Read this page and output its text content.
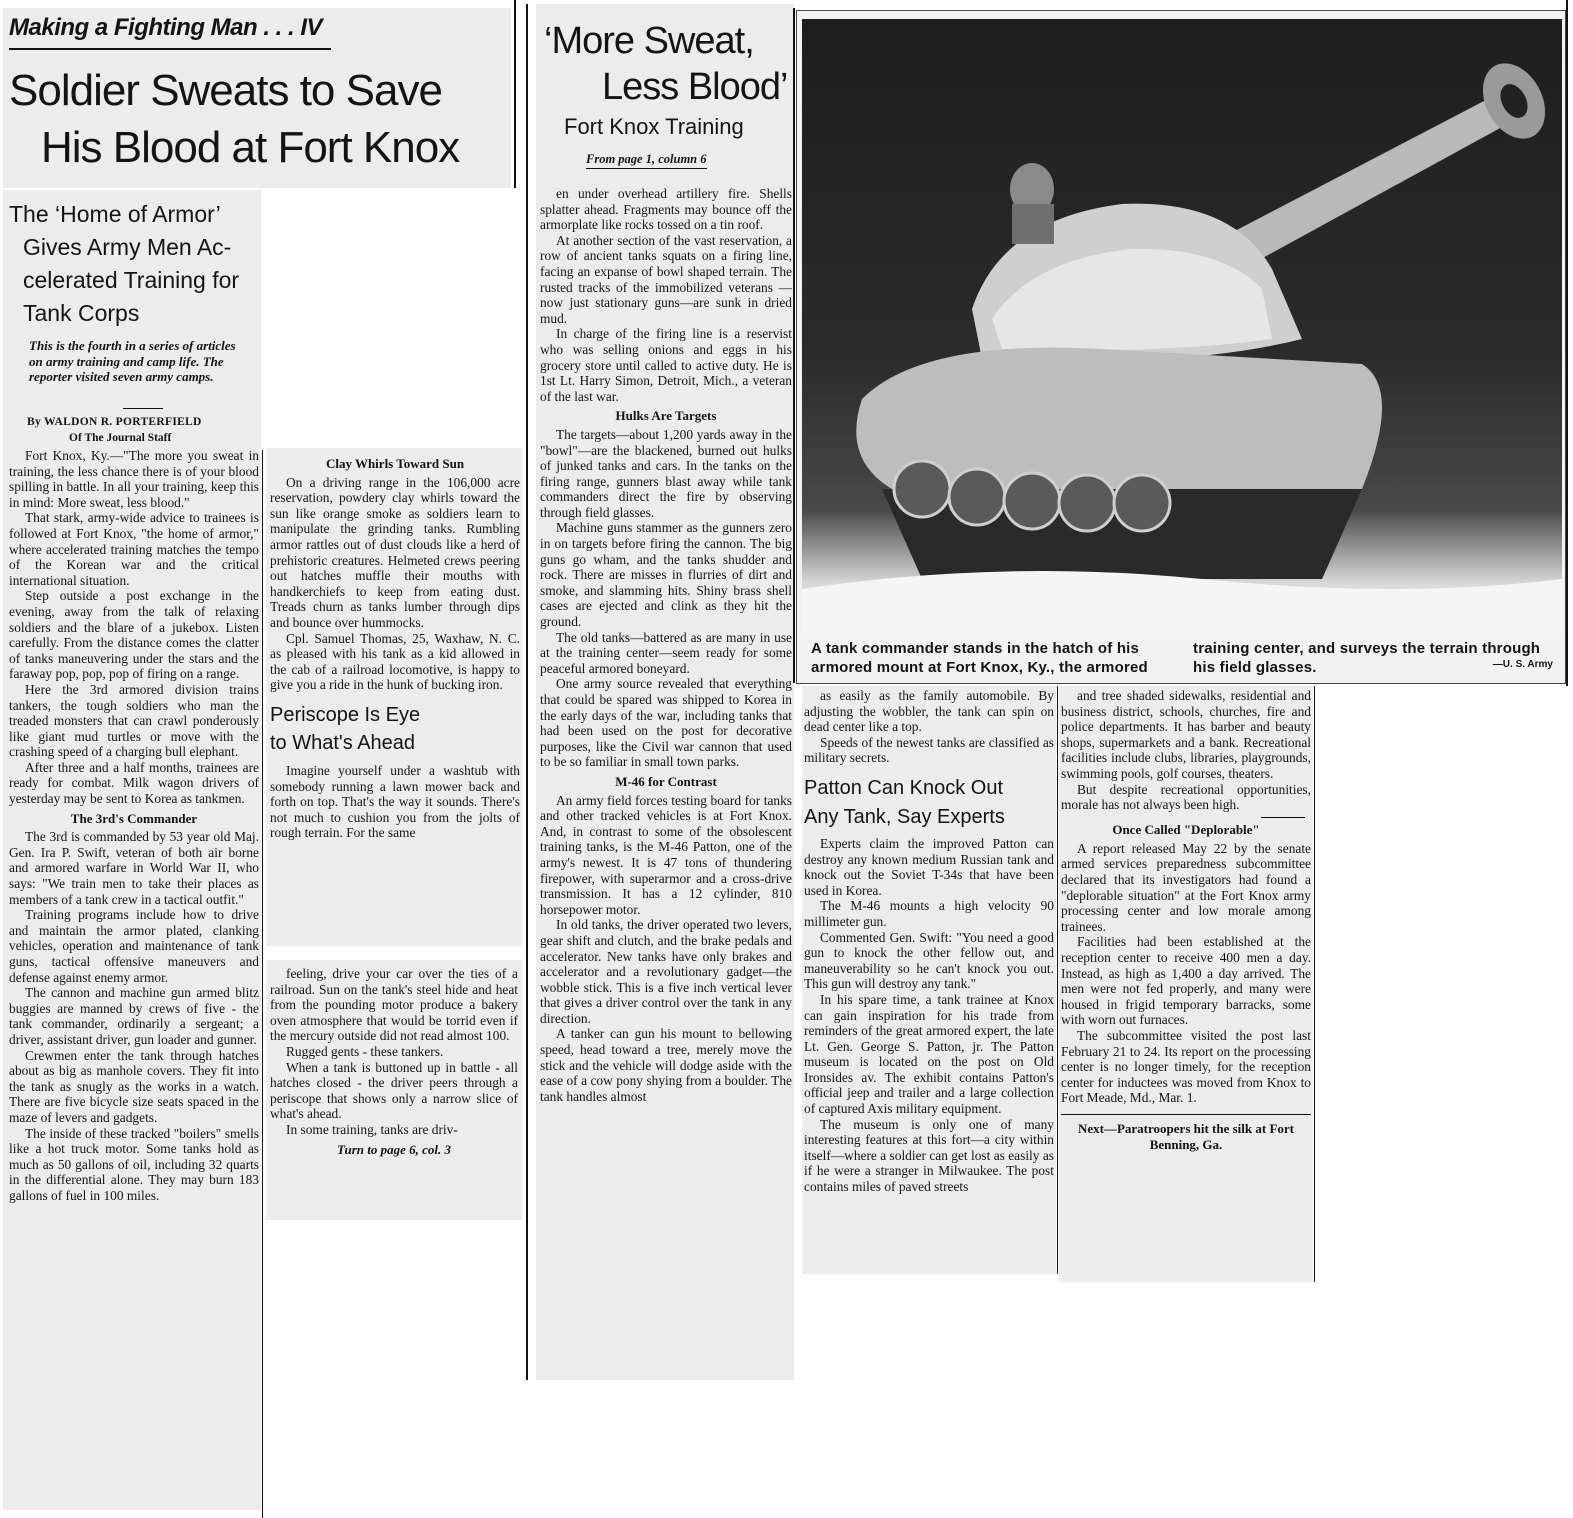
Making a Fighting Man . . . IV
Soldier Sweats to Save
His Blood at Fort Knox
The ‘Home of Armor’
Gives Army Men Ac-
celerated Training for
Tank Corps
This is the fourth in a series of articles on army training and camp life. The reporter visited seven army camps.
By WALDON R. PORTERFIELD
Of The Journal Staff

Fort Knox, Ky.—"The more you sweat in training, the less chance there is of your blood spilling in battle. In all your training, keep this in mind: More sweat, less blood."

That stark, army-wide advice to trainees is followed at Fort Knox, "the home of armor," where accelerated training matches the tempo of the Korean war and the critical international situation.

Step outside a post exchange in the evening, away from the talk of relaxing soldiers and the blare of a jukebox. Listen carefully. From the distance comes the clatter of tanks maneuvering under the stars and the faraway pop, pop, pop of firing on a range.

Here the 3rd armored division trains tankers, the tough soldiers who man the treaded monsters that can crawl ponderously like giant mud turtles or move with the crashing speed of a charging bull elephant.

After three and a half months, trainees are ready for combat. Milk wagon drivers of yesterday may be sent to Korea as tankmen.

The 3rd's Commander

The 3rd is commanded by 53 year old Maj. Gen. Ira P. Swift, veteran of both air borne and armored warfare in World War II, who says: "We train men to take their places as members of a tank crew in a tactical outfit."

Training programs include how to drive and maintain the armor plated, clanking vehicles, operation and maintenance of tank guns, tactical offensive maneuvers and defense against enemy armor.

The cannon and machine gun armed blitz buggies are manned by crews of five - the tank commander, ordinarily a sergeant; a driver, assistant driver, gun loader and gunner.

Crewmen enter the tank through hatches about as big as manhole covers. They fit into the tank as snugly as the works in a watch. There are five bicycle size seats spaced in the maze of levers and gadgets.

The inside of these tracked "boilers" smells like a hot truck motor. Some tanks hold as much as 50 gallons of oil, including 32 quarts in the differential alone. They may burn 183 gallons of fuel in 100 miles.

Clay Whirls Toward Sun

On a driving range in the 106,000 acre reservation, powdery clay whirls toward the sun like orange smoke as soldiers learn to manipulate the grinding tanks. Rumbling armor rattles out of dust clouds like a herd of prehistoric creatures. Helmeted crews peering out hatches muffle their mouths with handkerchiefs to keep from eating dust. Treads churn as tanks lumber through dips and bounce over hummocks.

Cpl. Samuel Thomas, 25, Waxhaw, N. C. as pleased with his tank as a kid allowed in the cab of a railroad locomotive, is happy to give you a ride in the hunk of bucking iron.

Periscope Is Eye
to What's Ahead

Imagine yourself under a washtub with somebody running a lawn mower back and forth on top. That's the way it sounds. There's not much to cushion you from the jolts of rough terrain. For the same

feeling, drive your car over the ties of a railroad. Sun on the tank's steel hide and heat from the pounding motor produce a bakery oven atmosphere that would be torrid even if the mercury outside did not read almost 100.

Rugged gents - these tankers.

When a tank is buttoned up in battle - all hatches closed - the driver peers through a periscope that shows only a narrow slice of what's ahead.

In some training, tanks are driv-

Turn to page 6, col. 3
‘More Sweat,
Less Blood’
Fort Knox Training
From page 1, column 6

en under overhead artillery fire. Shells splatter ahead. Fragments may bounce off the armorplate like rocks tossed on a tin roof.

At another section of the vast reservation, a row of ancient tanks squats on a firing line, facing an expanse of bowl shaped terrain. The rusted tracks of the immobilized veterans — now just stationary guns—are sunk in dried mud.

In charge of the firing line is a reservist who was selling onions and eggs in his grocery store until called to active duty. He is 1st Lt. Harry Simon, Detroit, Mich., a veteran of the last war.

Hulks Are Targets

The targets—about 1,200 yards away in the "bowl"—are the blackened, burned out hulks of junked tanks and cars. In the tanks on the firing range, gunners blast away while tank commanders direct the fire by observing through field glasses.

Machine guns stammer as the gunners zero in on targets before firing the cannon. The big guns go wham, and the tanks shudder and rock. There are misses in flurries of dirt and smoke, and slamming hits. Shiny brass shell cases are ejected and clink as they hit the ground.

The old tanks—battered as are many in use at the training center—seem ready for some peaceful armored boneyard.

One army source revealed that everything that could be spared was shipped to Korea in the early days of the war, including tanks that had been used on the post for decorative purposes, like the Civil war cannon that used to be so familiar in small town parks.

M-46 for Contrast

An army field forces testing board for tanks and other tracked vehicles is at Fort Knox. And, in contrast to some of the obsolescent training tanks, is the M-46 Patton, one of the army's newest. It is 47 tons of thundering firepower, with superarmor and a cross-drive transmission. It has a 12 cylinder, 810 horsepower motor.

In old tanks, the driver operated two levers, gear shift and clutch, and the brake pedals and accelerator. New tanks have only brakes and accelerator and a revolutionary gadget—the wobble stick. This is a five inch vertical lever that gives a driver control over the tank in any direction.

A tanker can gun his mount to bellowing speed, head toward a tree, merely move the stick and the vehicle will dodge aside with the ease of a cow pony shying from a boulder. The tank handles almost

A tank commander stands in the hatch of his armored mount at Fort Knox, Ky., the armored
training center, and surveys the terrain through his field glasses.	—U. S. Army

as easily as the family automobile. By adjusting the wobbler, the tank can spin on dead center like a top.

Speeds of the newest tanks are classified as military secrets.

Patton Can Knock Out
Any Tank, Say Experts

Experts claim the improved Patton can destroy any known medium Russian tank and knock out the Soviet T-34s that have been used in Korea.

The M-46 mounts a high velocity 90 millimeter gun.

Commented Gen. Swift: "You need a good gun to knock the other fellow out, and maneuverability so he can't knock you out. This gun will destroy any tank."

In his spare time, a tank trainee at Knox can gain inspiration for his trade from reminders of the great armored expert, the late Lt. Gen. George S. Patton, jr. The Patton museum is located on the post on Old Ironsides av. The exhibit contains Patton's official jeep and trailer and a large collection of captured Axis military equipment.

The museum is only one of many interesting features at this fort—a city within itself—where a soldier can get lost as easily as if he were a stranger in Milwaukee. The post contains miles of paved streets

and tree shaded sidewalks, residential and business district, schools, churches, fire and police departments. It has barber and beauty shops, supermarkets and a bank. Recreational facilities include clubs, libraries, playgrounds, swimming pools, golf courses, theaters.

But despite recreational opportunities, morale has not always been high.

Once Called "Deplorable"

A report released May 22 by the senate armed services preparedness subcommittee declared that its investigators had found a "deplorable situation" at the Fort Knox army processing center and low morale among trainees.

Facilities had been established at the reception center to receive 400 men a day. Instead, as high as 1,400 a day arrived. The men were not fed properly, and many were housed in frigid temporary barracks, some with worn out furnaces.

The subcommittee visited the post last February 21 to 24. Its report on the processing center is no longer timely, for the reception center for inductees was moved from Knox to Fort Meade, Md., Mar. 1.

Next—Paratroopers hit the silk at Fort Benning, Ga.
